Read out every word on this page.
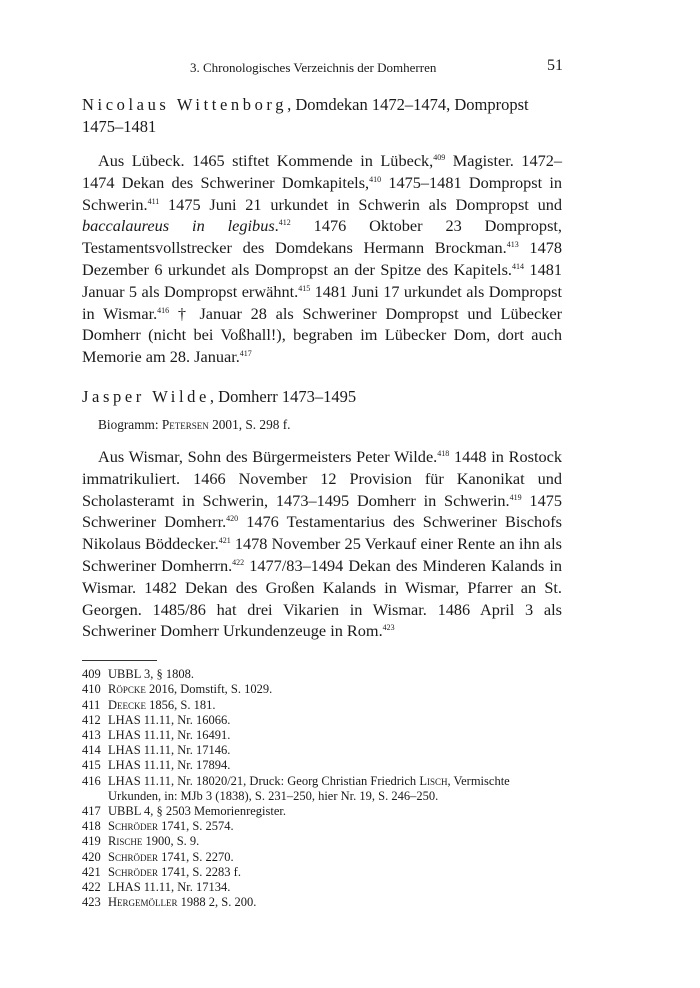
3. Chronologisches Verzeichnis der Domherren	51

Nicolaus Wittenborg, Domdekan 1472–1474, Dompropst 1475–1481

Aus Lübeck. 1465 stiftet Kommende in Lübeck,$^{409}$ Magister. 1472–1474 Dekan des Schweriner Domkapitels,$^{410}$ 1475–1481 Dompropst in Schwerin.$^{411}$ 1475 Juni 21 urkundet in Schwerin als Dompropst und baccalaureus in legibus.$^{412}$ 1476 Oktober 23 Dompropst, Testamentsvollstrecker des Domdekans Hermann Brockman.$^{413}$ 1478 Dezember 6 urkundet als Dompropst an der Spitze des Kapitels.$^{414}$ 1481 Januar 5 als Dompropst erwähnt.$^{415}$ 1481 Juni 17 urkundet als Dompropst in Wismar.$^{416}$ † Januar 28 als Schweriner Dompropst und Lübecker Domherr (nicht bei Voßhall!), begraben im Lübecker Dom, dort auch Memorie am 28. Januar.$^{417}$

Jasper Wilde, Domherr 1473–1495

Biogramm: Petersen 2001, S. 298 f.

Aus Wismar, Sohn des Bürgermeisters Peter Wilde.$^{418}$ 1448 in Rostock immatrikuliert. 1466 November 12 Provision für Kanonikat und Scholasteramt in Schwerin, 1473–1495 Domherr in Schwerin.$^{419}$ 1475 Schweriner Domherr.$^{420}$ 1476 Testamentarius des Schweriner Bischofs Nikolaus Böddecker.$^{421}$ 1478 November 25 Verkauf einer Rente an ihn als Schweriner Domherrn.$^{422}$ 1477/83–1494 Dekan des Minderen Kalands in Wismar. 1482 Dekan des Großen Kalands in Wismar, Pfarrer an St. Georgen. 1485/86 hat drei Vikarien in Wismar. 1486 April 3 als Schweriner Domherr Urkundenzeuge in Rom.$^{423}$

409 UBBL 3, § 1808.
410 Röpcke 2016, Domstift, S. 1029.
411 Deecke 1856, S. 181.
412 LHAS 11.11, Nr. 16066.
413 LHAS 11.11, Nr. 16491.
414 LHAS 11.11, Nr. 17146.
415 LHAS 11.11, Nr. 17894.
416 LHAS 11.11, Nr. 18020/21, Druck: Georg Christian Friedrich Lisch, Vermischte Urkunden, in: MJb 3 (1838), S. 231–250, hier Nr. 19, S. 246–250.
417 UBBL 4, § 2503 Memorienregister.
418 Schröder 1741, S. 2574.
419 Rische 1900, S. 9.
420 Schröder 1741, S. 2270.
421 Schröder 1741, S. 2283 f.
422 LHAS 11.11, Nr. 17134.
423 Hergemöller 1988 2, S. 200.
